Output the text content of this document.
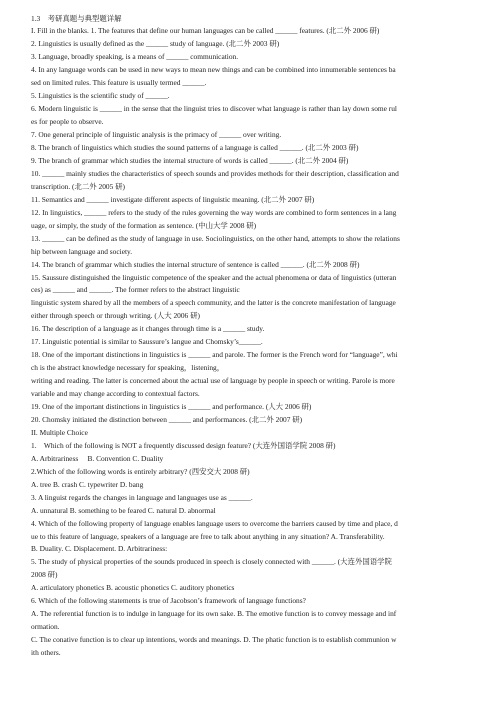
1.3　考研真题与典型题详解
I. Fill in the blanks. 1. The features that define our human languages can be called ______ features. (北二外 2006 研)
2. Linguistics is usually defined as the ______ study of language. (北二外 2003 研)
3. Language, broadly speaking, is a means of ______ communication.
4. In any language words can be used in new ways to mean new things and can be combined into innumerable sentences ba
sed on limited rules. This feature is usually termed ______.
5. Linguistics is the scientific study of ______.
6. Modern linguistic is ______ in the sense that the linguist tries to discover what language is rather than lay down some rul
es for people to observe.
7. One general principle of linguistic analysis is the primacy of ______ over writing.
8. The branch of linguistics which studies the sound patterns of a language is called ______. (北二外 2003 研)
9. The branch of grammar which studies the internal structure of words is called ______. (北二外 2004 研)
10. ______ mainly studies the characteristics of speech sounds and provides methods for their description, classification and
transcription. (北二外 2005 研)
11. Semantics and ______ investigate different aspects of linguistic meaning. (北二外 2007 研)
12. In linguistics, ______ refers to the study of the rules governing the way words are combined to form sentences in a lang
uage, or simply, the study of the formation as sentence. (中山大学 2008 研)
13. ______ can be defined as the study of language in use. Sociolinguistics, on the other hand, attempts to show the relations
hip between language and society.
14. The branch of grammar which studies the internal structure of sentence is called ______. (北二外 2008 研)
15. Saussure distinguished the linguistic competence of the speaker and the actual phenomena or data of linguistics (utteran
ces) as ______ and ______. The former refers to the abstract linguistic
linguistic system shared by all the members of a speech community, and the latter is the concrete manifestation of language
either through speech or through writing. (人大 2006 研)
16. The description of a language as it changes through time is a ______ study.
17. Linguistic potential is similar to Saussure’s langue and Chomsky’s______.
18. One of the important distinctions in linguistics is ______ and parole. The former is the French word for “language”, whi
ch is the abstract knowledge necessary for speaking，listening，
writing and reading. The latter is concerned about the actual use of language by people in speech or writing. Parole is more
variable and may change according to contextual factors.
19. One of the important distinctions in linguistics is ______ and performance. (人大 2006 研)
20. Chomsky initiated the distinction between ______ and performances. (北二外 2007 研)
II. Multiple Choice
1.　Which of the following is NOT a frequently discussed design feature? (大连外国语学院 2008 研)
A. Arbitrariness　 B. Convention C. Duality
2.Which of the following words is entirely arbitrary? (西安交大 2008 研)
A. tree B. crash C. typewriter D. bang
3. A linguist regards the changes in language and languages use as ______.
A. unnatural B. something to be feared C. natural D. abnormal
4. Which of the following property of language enables language users to overcome the barriers caused by time and place, d
ue to this feature of language, speakers of a language are free to talk about anything in any situation? A. Transferability.
B. Duality. C. Displacement. D. Arbitrariness:
5. The study of physical properties of the sounds produced in speech is closely connected with ______. (大连外国语学院
2008 研)
A. articulatory phonetics B. acoustic phonetics C. auditory phonetics
6. Which of the following statements is true of Jacobson’s framework of language functions?
A. The referential function is to indulge in language for its own sake. B. The emotive function is to convey message and inf
ormation.
C. The conative function is to clear up intentions, words and meanings. D. The phatic function is to establish communion w
ith others.
